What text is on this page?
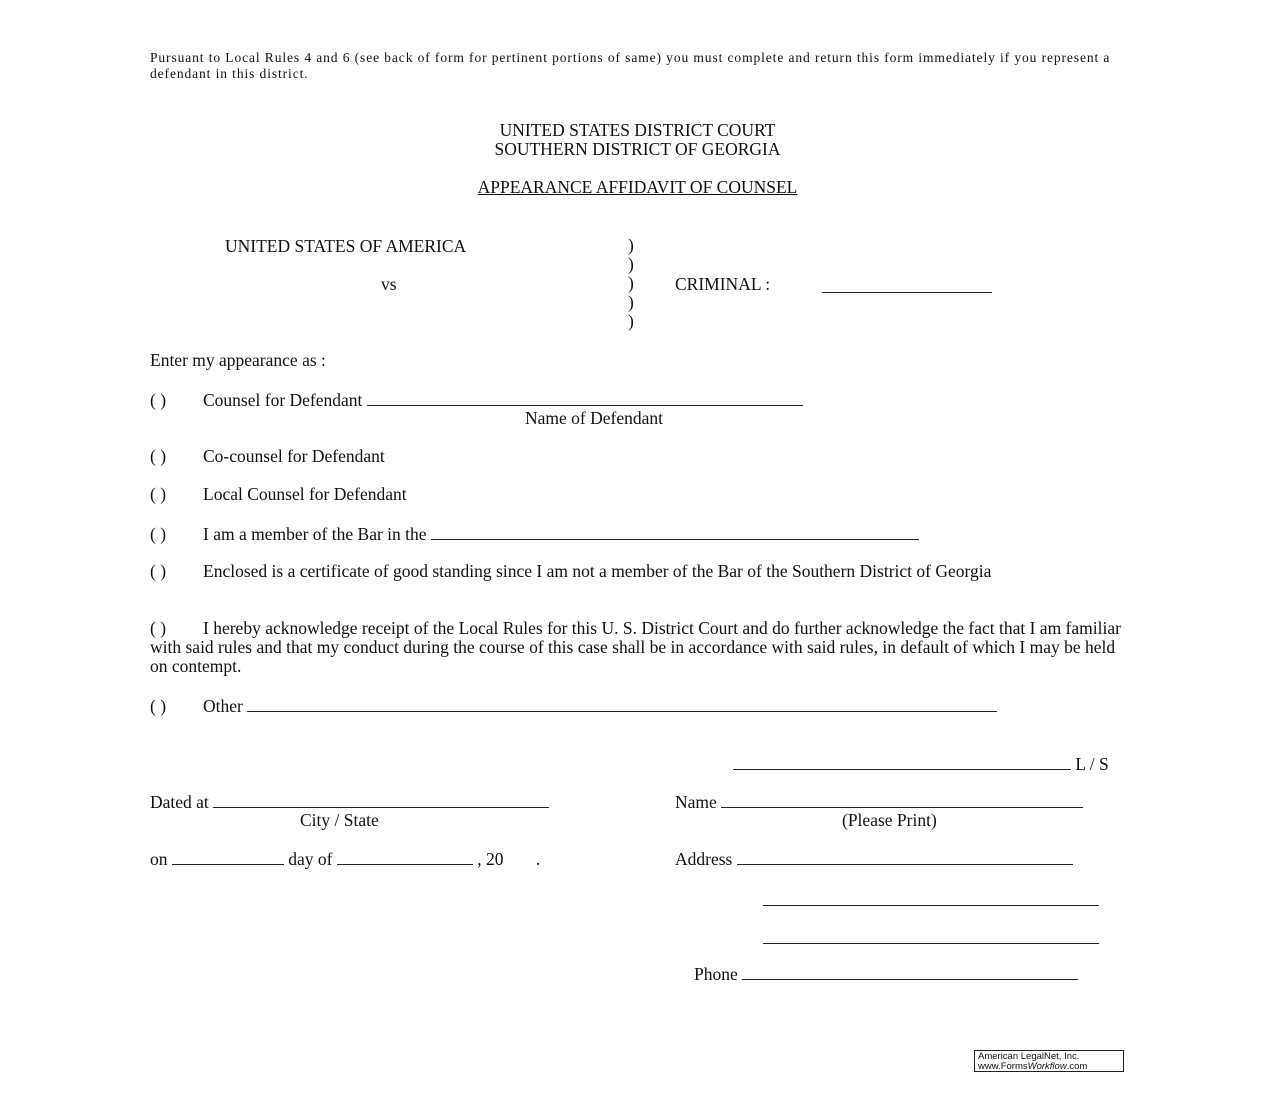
Pursuant to Local Rules 4 and 6 (see back of form for pertinent portions of same) you must complete and return this form immediately if you represent a defendant in this district.
UNITED STATES DISTRICT COURT
SOUTHERN DISTRICT OF GEORGIA
APPEARANCE AFFIDAVIT OF COUNSEL
UNITED STATES OF AMERICA
vs
)
)
)
)
)
CRIMINAL :
Enter my appearance as :
( ) Counsel for Defendant
Name of Defendant
( ) Co-counsel for Defendant
( ) Local Counsel for Defendant
( ) I am a member of the Bar in the
( ) Enclosed is a certificate of good standing since I am not a member of the Bar of the Southern District of Georgia
( ) I hereby acknowledge receipt of the Local Rules for this U. S. District Court and do further acknowledge the fact that I am familiar with said rules and that my conduct during the course of this case shall be in accordance with said rules, in default of which I may be held on contempt.
( ) Other
L / S
Dated at
City / State
on	day of	, 20 .
Name
(Please Print)
Address
Phone
American LegalNet, Inc.
www.FormsWorkflow.com
